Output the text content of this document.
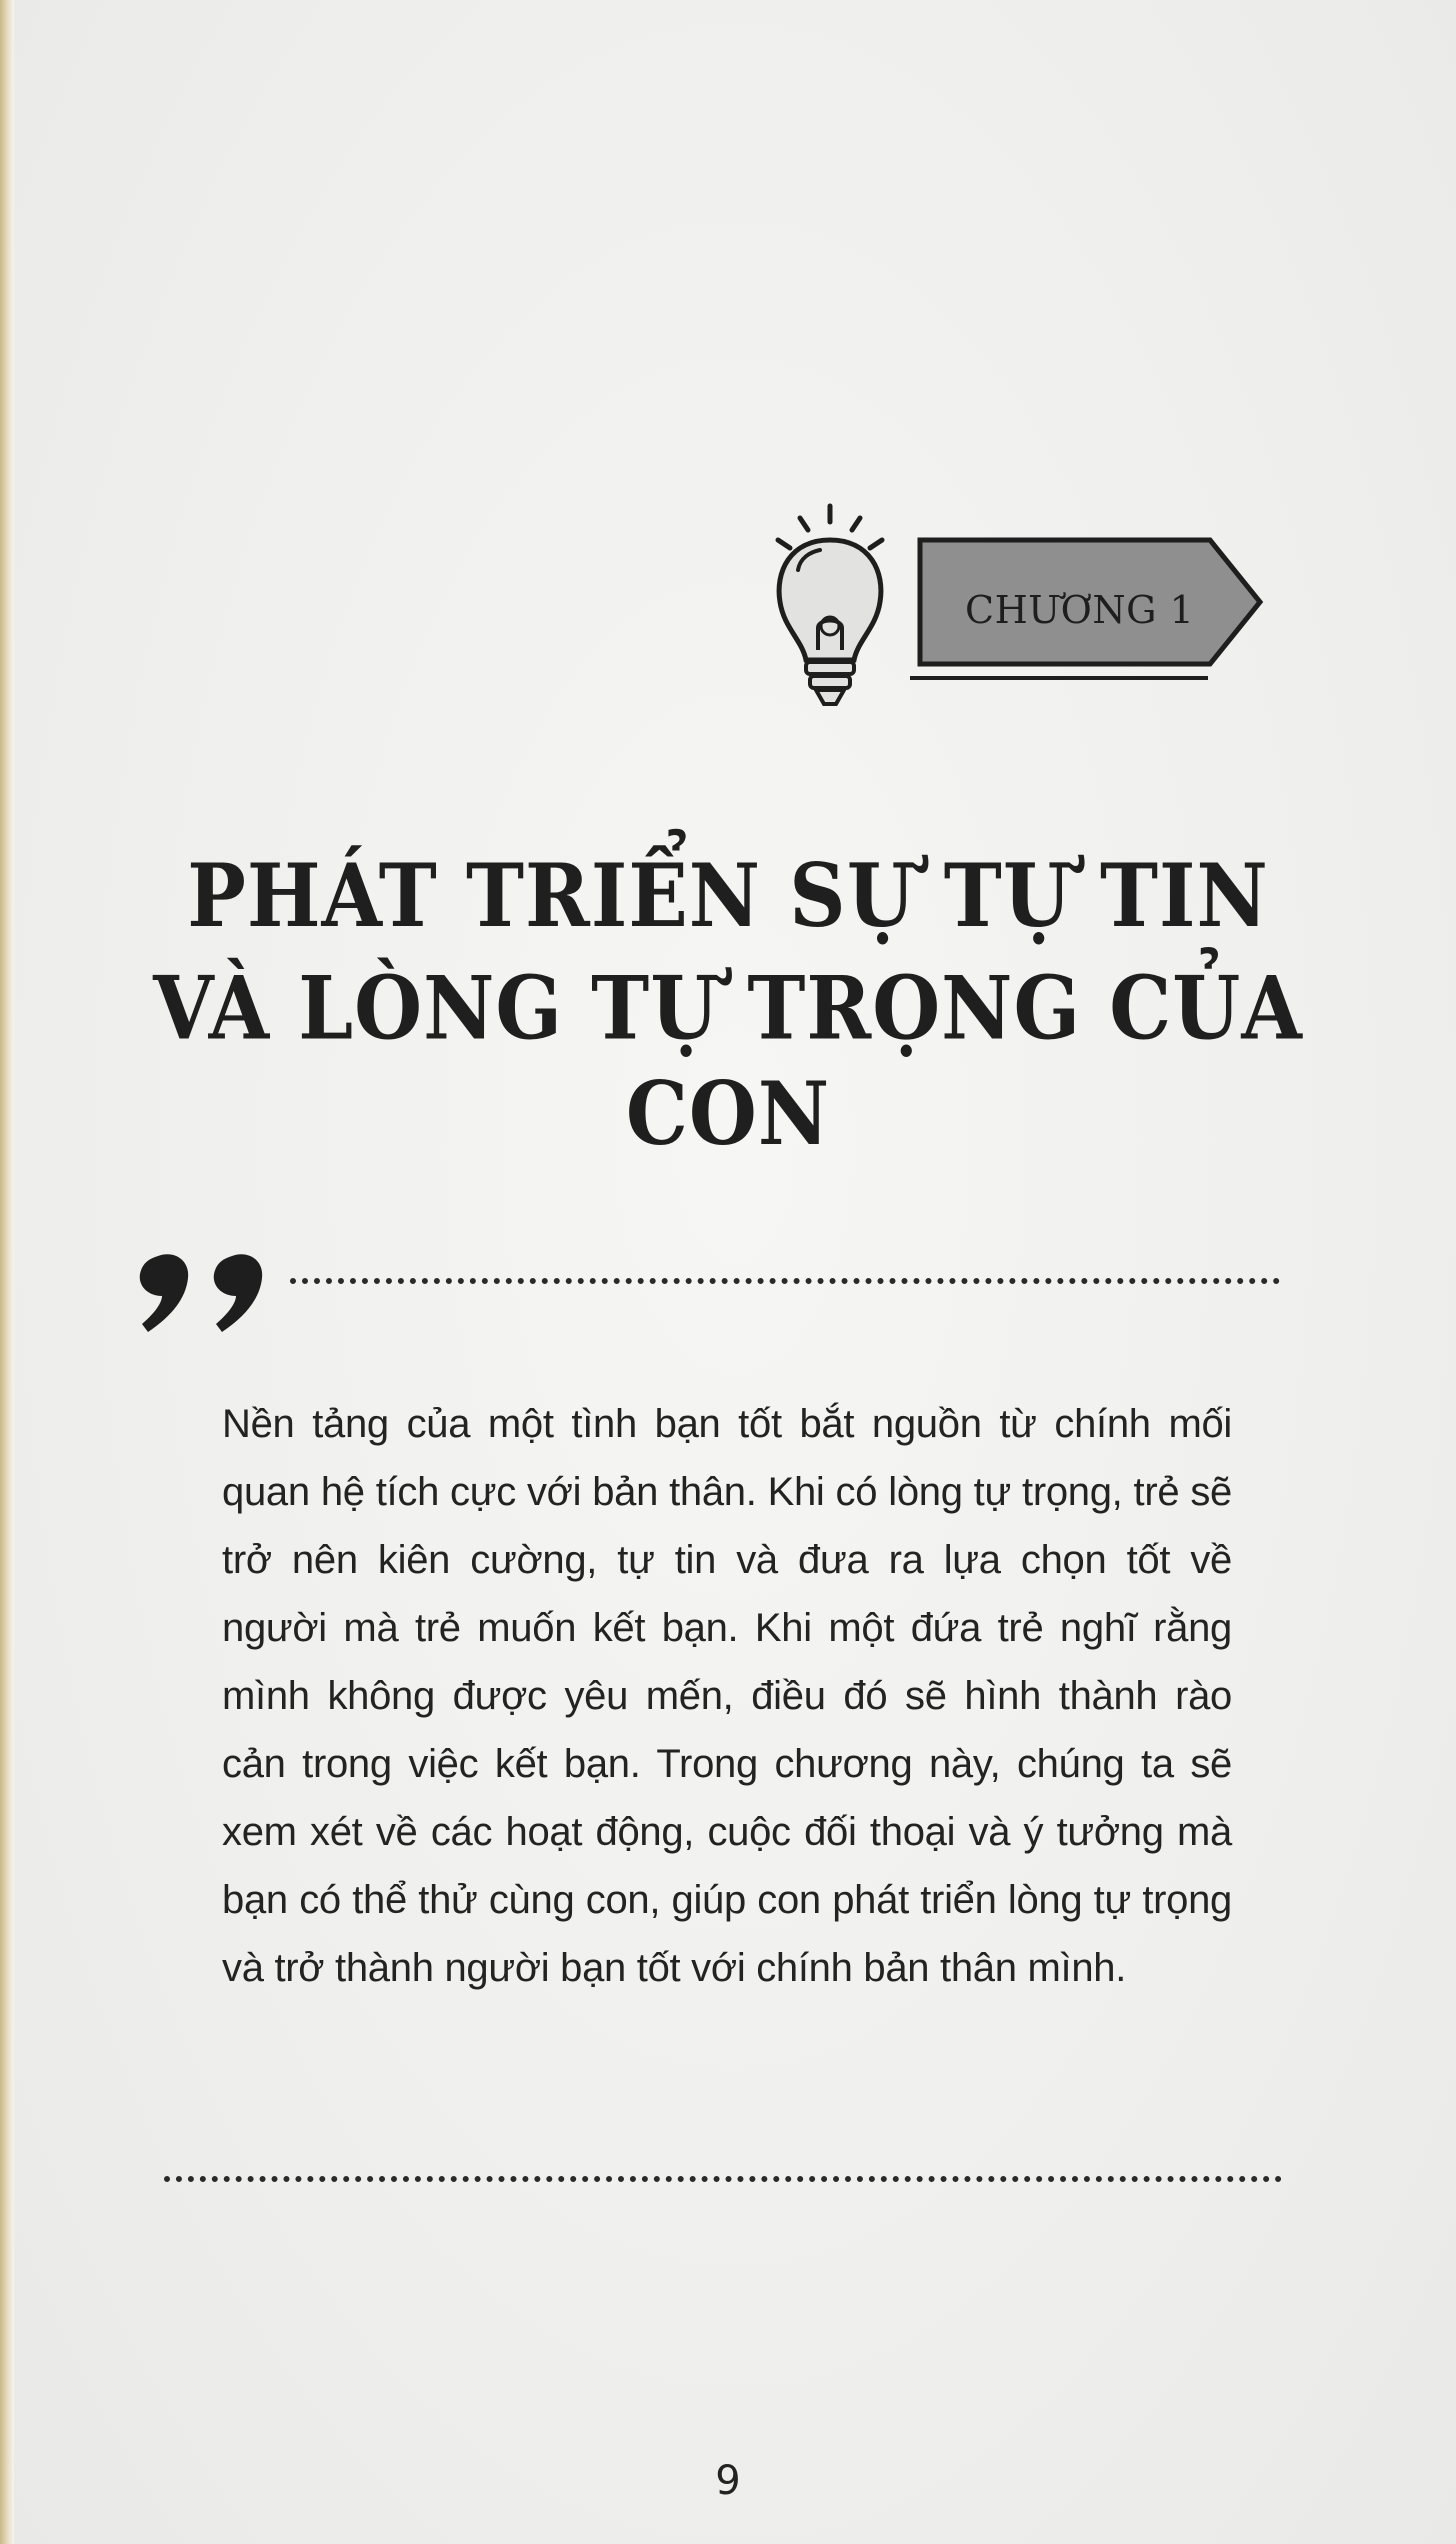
CHƯƠNG 1
PHÁT TRIỂN SỰ TỰ TIN
VÀ LÒNG TỰ TRỌNG CỦA CON
Nền tảng của một tình bạn tốt bắt nguồn từ chính mối quan hệ tích cực với bản thân. Khi có lòng tự trọng, trẻ sẽ trở nên kiên cường, tự tin và đưa ra lựa chọn tốt về người mà trẻ muốn kết bạn. Khi một đứa trẻ nghĩ rằng mình không được yêu mến, điều đó sẽ hình thành rào cản trong việc kết bạn. Trong chương này, chúng ta sẽ xem xét về các hoạt động, cuộc đối thoại và ý tưởng mà bạn có thể thử cùng con, giúp con phát triển lòng tự trọng và trở thành người bạn tốt với chính bản thân mình.
9
